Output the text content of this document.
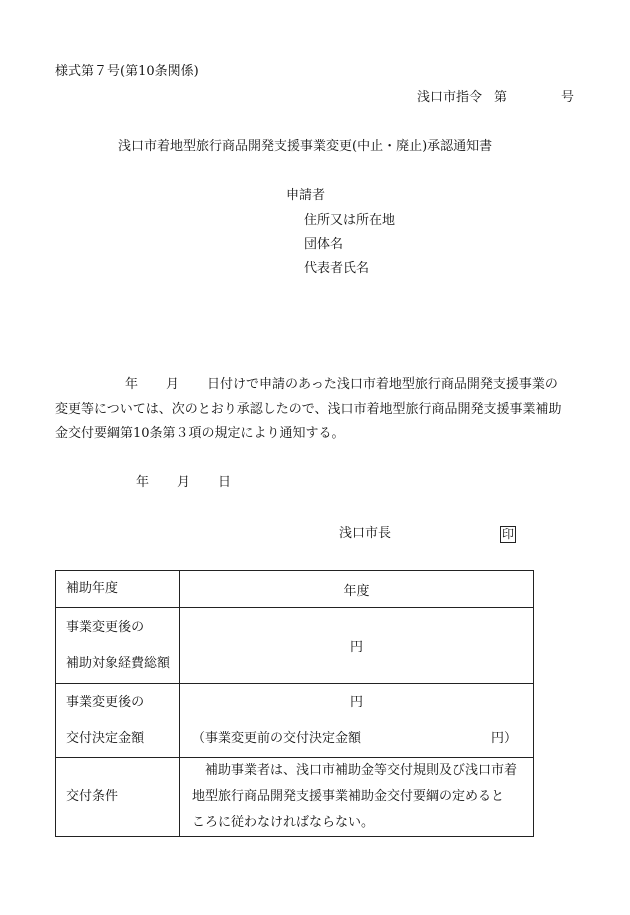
様式第７号(第10条関係)
浅口市指令 第	号
浅口市着地型旅行商品開発支援事業変更(中止・廃止)承認通知書
申請者
住所又は所在地
団体名
代表者氏名
年 月 日付けで申請のあった浅口市着地型旅行商品開発支援事業の
変更等については、次のとおり承認したので、浅口市着地型旅行商品開発支援事業補助
金交付要綱第10条第３項の規定により通知する。
年 月 日
浅口市長	印
補助年度	年度

事業変更後の
補助対象経費総額	円

事業変更後の
交付決定金額	円
（事業変更前の交付決定金額 円）

交付条件	補助事業者は、浅口市補助金等交付規則及び浅口市着
地型旅行商品開発支援事業補助金交付要綱の定めると
ころに従わなければならない。
